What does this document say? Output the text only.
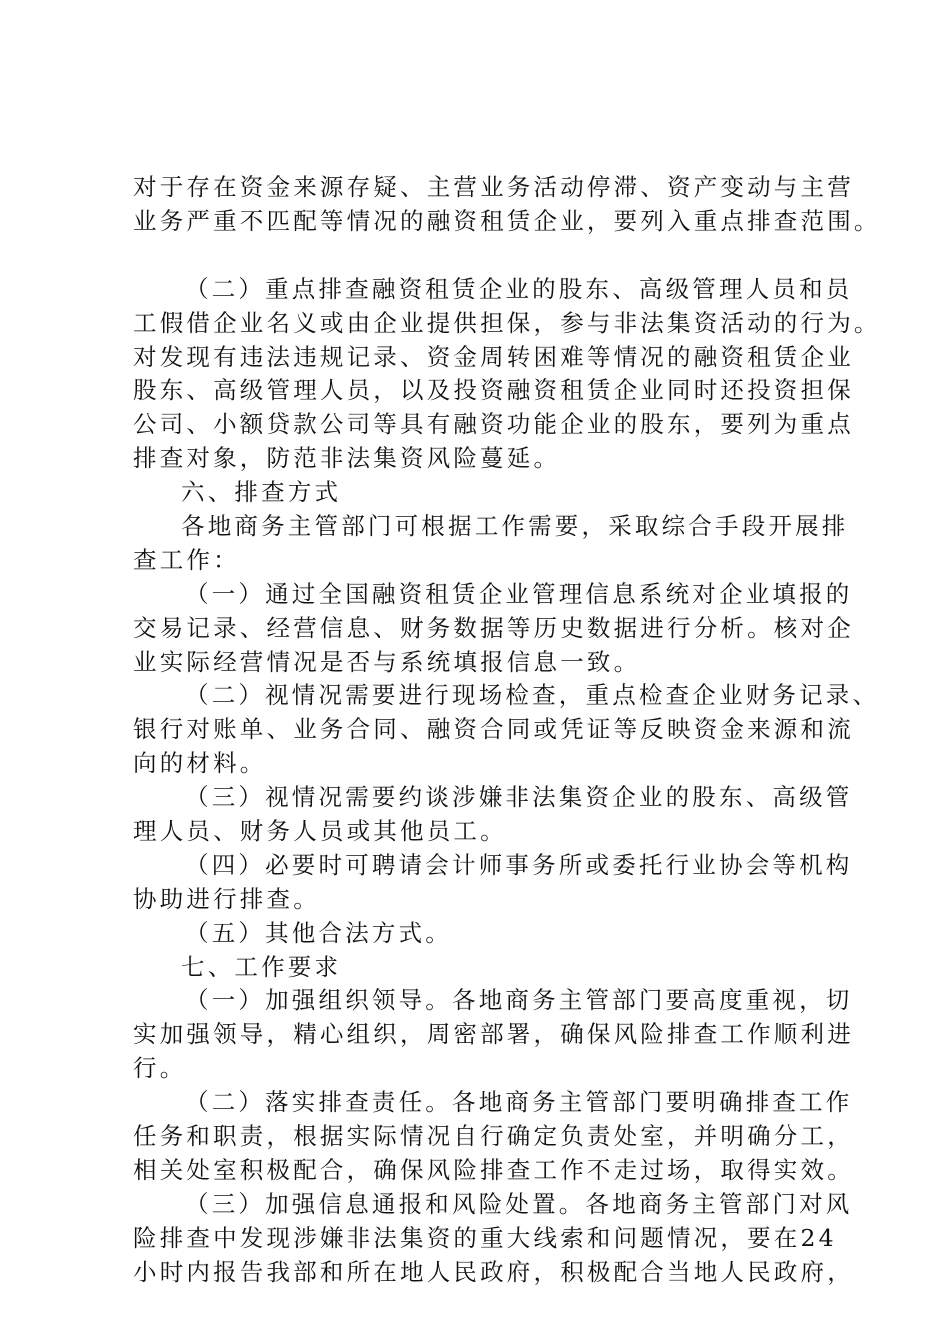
对于存在资金来源存疑、主营业务活动停滞、资产变动与主营
业务严重不匹配等情况的融资租赁企业，要列入重点排查范围。
（二）重点排查融资租赁企业的股东、高级管理人员和员
工假借企业名义或由企业提供担保，参与非法集资活动的行为。
对发现有违法违规记录、资金周转困难等情况的融资租赁企业
股东、高级管理人员，以及投资融资租赁企业同时还投资担保
公司、小额贷款公司等具有融资功能企业的股东，要列为重点
排查对象，防范非法集资风险蔓延。
六、排查方式
各地商务主管部门可根据工作需要，采取综合手段开展排
查工作：
（一）通过全国融资租赁企业管理信息系统对企业填报的
交易记录、经营信息、财务数据等历史数据进行分析。核对企
业实际经营情况是否与系统填报信息一致。
（二）视情况需要进行现场检查，重点检查企业财务记录、
银行对账单、业务合同、融资合同或凭证等反映资金来源和流
向的材料。
（三）视情况需要约谈涉嫌非法集资企业的股东、高级管
理人员、财务人员或其他员工。
（四）必要时可聘请会计师事务所或委托行业协会等机构
协助进行排查。
（五）其他合法方式。
七、工作要求
（一）加强组织领导。各地商务主管部门要高度重视，切
实加强领导，精心组织，周密部署，确保风险排查工作顺利进
行。
（二）落实排查责任。各地商务主管部门要明确排查工作
任务和职责，根据实际情况自行确定负责处室，并明确分工，
相关处室积极配合，确保风险排查工作不走过场，取得实效。
（三）加强信息通报和风险处置。各地商务主管部门对风
险排查中发现涉嫌非法集资的重大线索和问题情况，要在24
小时内报告我部和所在地人民政府，积极配合当地人民政府，
